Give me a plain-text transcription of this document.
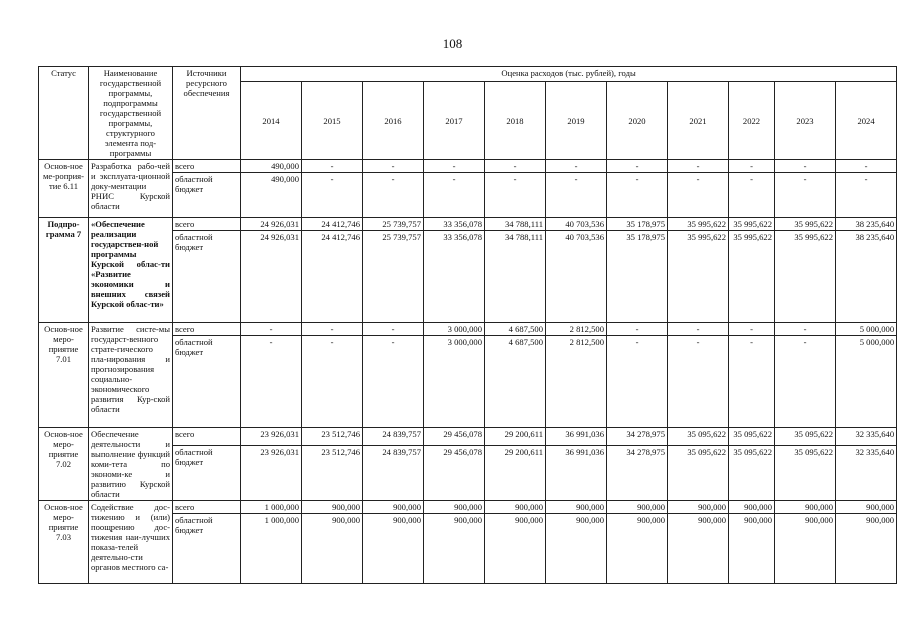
108
Статус	Наименование государственной программы, подпрограммы государственной программы, структурного элемента под-программы	Источники ресурсного обеспечения	Оценка расходов (тыс. рублей), годы										
			2014	2015	2016	2017	2018	2019	2020	2021	2022	2023	2024
Основ-ное ме-роприя-тие 6.11	Разработка рабо-чей и эксплуата-ционной доку-ментации РНИС Курской области	всего	490,000	-	-	-	-	-	-	-	-	-	-
		областной бюджет	490,000	-	-	-	-	-	-	-	-	-	-
Подпро-грамма 7	«Обеспечение реализации государствен-ной программы Курской облас-ти «Развитие экономики и внешних связей Курской облас-ти»	всего	24 926,031	24 412,746	25 739,757	33 356,078	34 788,111	40 703,536	35 178,975	35 995,622	35 995,622	35 995,622	38 235,640
		областной бюджет	24 926,031	24 412,746	25 739,757	33 356,078	34 788,111	40 703,536	35 178,975	35 995,622	35 995,622	35 995,622	38 235,640
Основ-ное меро-приятие 7.01	Развитие систе-мы государст-венного страте-гического пла-нирования и прогнозирования социально-экономического развития Кур-ской области	всего	-	-	-	3 000,000	4 687,500	2 812,500	-	-	-	-	5 000,000
		областной бюджет	-	-	-	3 000,000	4 687,500	2 812,500	-	-	-	-	5 000,000
Основ-ное меро-приятие 7.02	Обеспечение деятельности и выполнение функций коми-тета по экономи-ке и развитию Курской области	всего	23 926,031	23 512,746	24 839,757	29 456,078	29 200,611	36 991,036	34 278,975	35 095,622	35 095,622	35 095,622	32 335,640
		областной бюджет	23 926,031	23 512,746	24 839,757	29 456,078	29 200,611	36 991,036	34 278,975	35 095,622	35 095,622	35 095,622	32 335,640
Основ-ное меро-приятие 7.03	Содействие дос-тижению и (или) поощрению дос-тижения наи-лучших показа-телей деятельно-сти органов местного са-	всего	1 000,000	900,000	900,000	900,000	900,000	900,000	900,000	900,000	900,000	900,000	900,000
		областной бюджет	1 000,000	900,000	900,000	900,000	900,000	900,000	900,000	900,000	900,000	900,000	900,000
